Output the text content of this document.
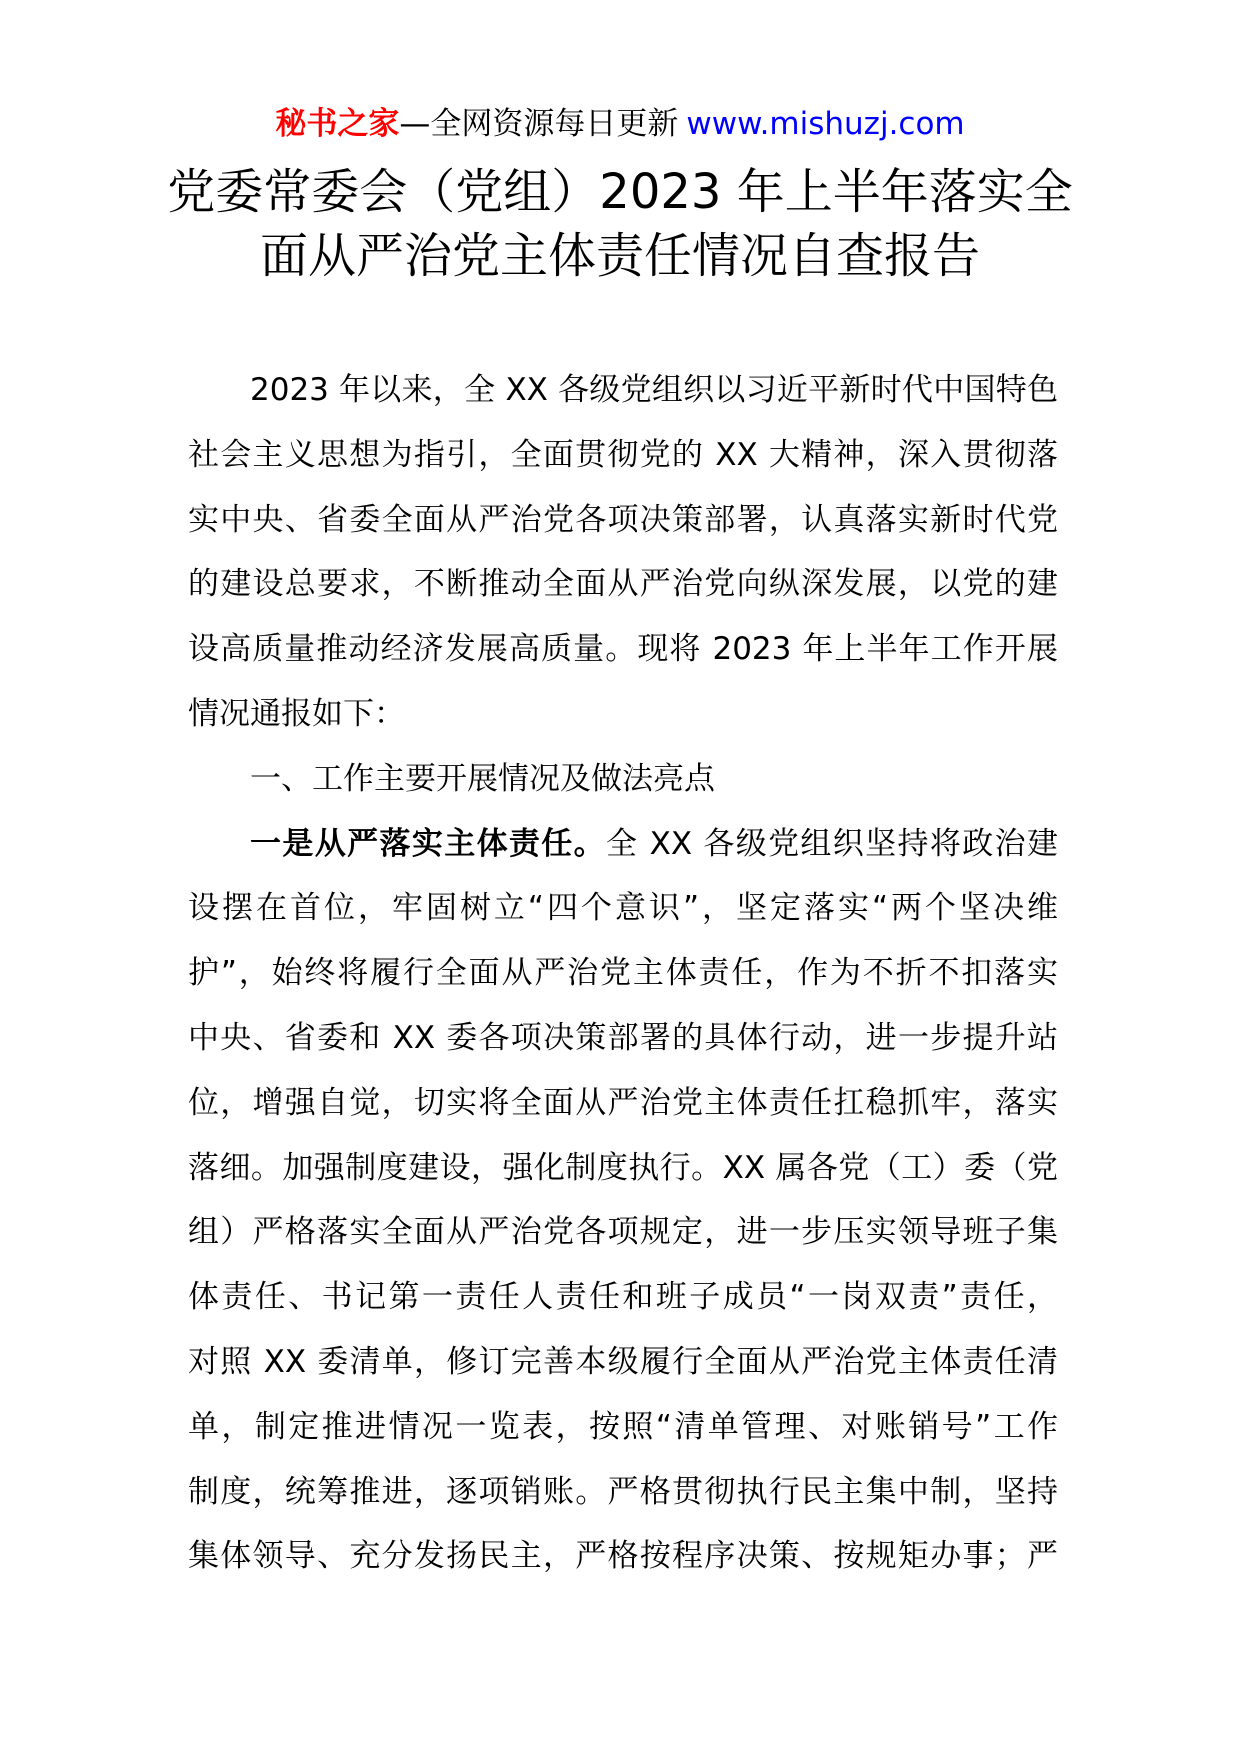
秘书之家—全网资源每日更新 www.mishuzj.com
党委常委会（党组）2023 年上半年落实全
面从严治党主体责任情况自查报告
2023 年以来，全 XX 各级党组织以习近平新时代中国特色
社会主义思想为指引，全面贯彻党的 XX 大精神，深入贯彻落
实中央、省委全面从严治党各项决策部署，认真落实新时代党
的建设总要求，不断推动全面从严治党向纵深发展，以党的建
设高质量推动经济发展高质量。现将 2023 年上半年工作开展
情况通报如下：
一、工作主要开展情况及做法亮点
一是从严落实主体责任。全 XX 各级党组织坚持将政治建
设摆在首位，牢固树立“四个意识”，坚定落实“两个坚决维
护”，始终将履行全面从严治党主体责任，作为不折不扣落实
中央、省委和 XX 委各项决策部署的具体行动，进一步提升站
位，增强自觉，切实将全面从严治党主体责任扛稳抓牢，落实
落细。加强制度建设，强化制度执行。XX 属各党（工）委（党
组）严格落实全面从严治党各项规定，进一步压实领导班子集
体责任、书记第一责任人责任和班子成员“一岗双责”责任，
对照 XX 委清单，修订完善本级履行全面从严治党主体责任清
单，制定推进情况一览表，按照“清单管理、对账销号”工作
制度，统筹推进，逐项销账。严格贯彻执行民主集中制，坚持
集体领导、充分发扬民主，严格按程序决策、按规矩办事；严
